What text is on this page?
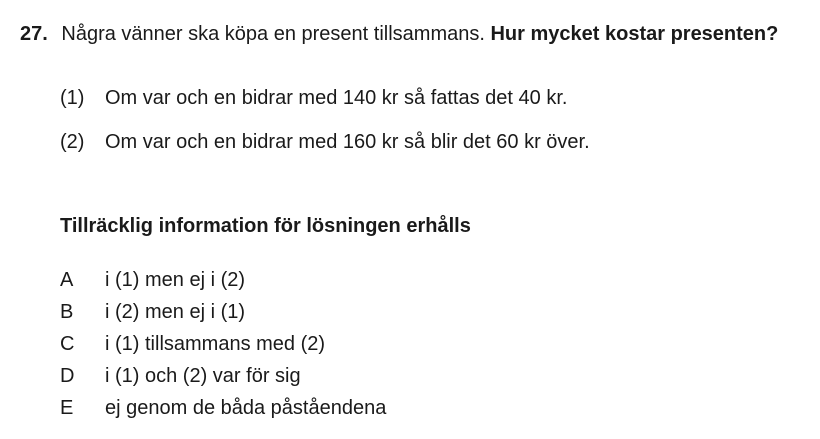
27. Några vänner ska köpa en present tillsammans. Hur mycket kostar presenten?
(1) Om var och en bidrar med 140 kr så fattas det 40 kr.
(2) Om var och en bidrar med 160 kr så blir det 60 kr över.
Tillräcklig information för lösningen erhålls
A i (1) men ej i (2)
B i (2) men ej i (1)
C i (1) tillsammans med (2)
D i (1) och (2) var för sig
E ej genom de båda påståendena
